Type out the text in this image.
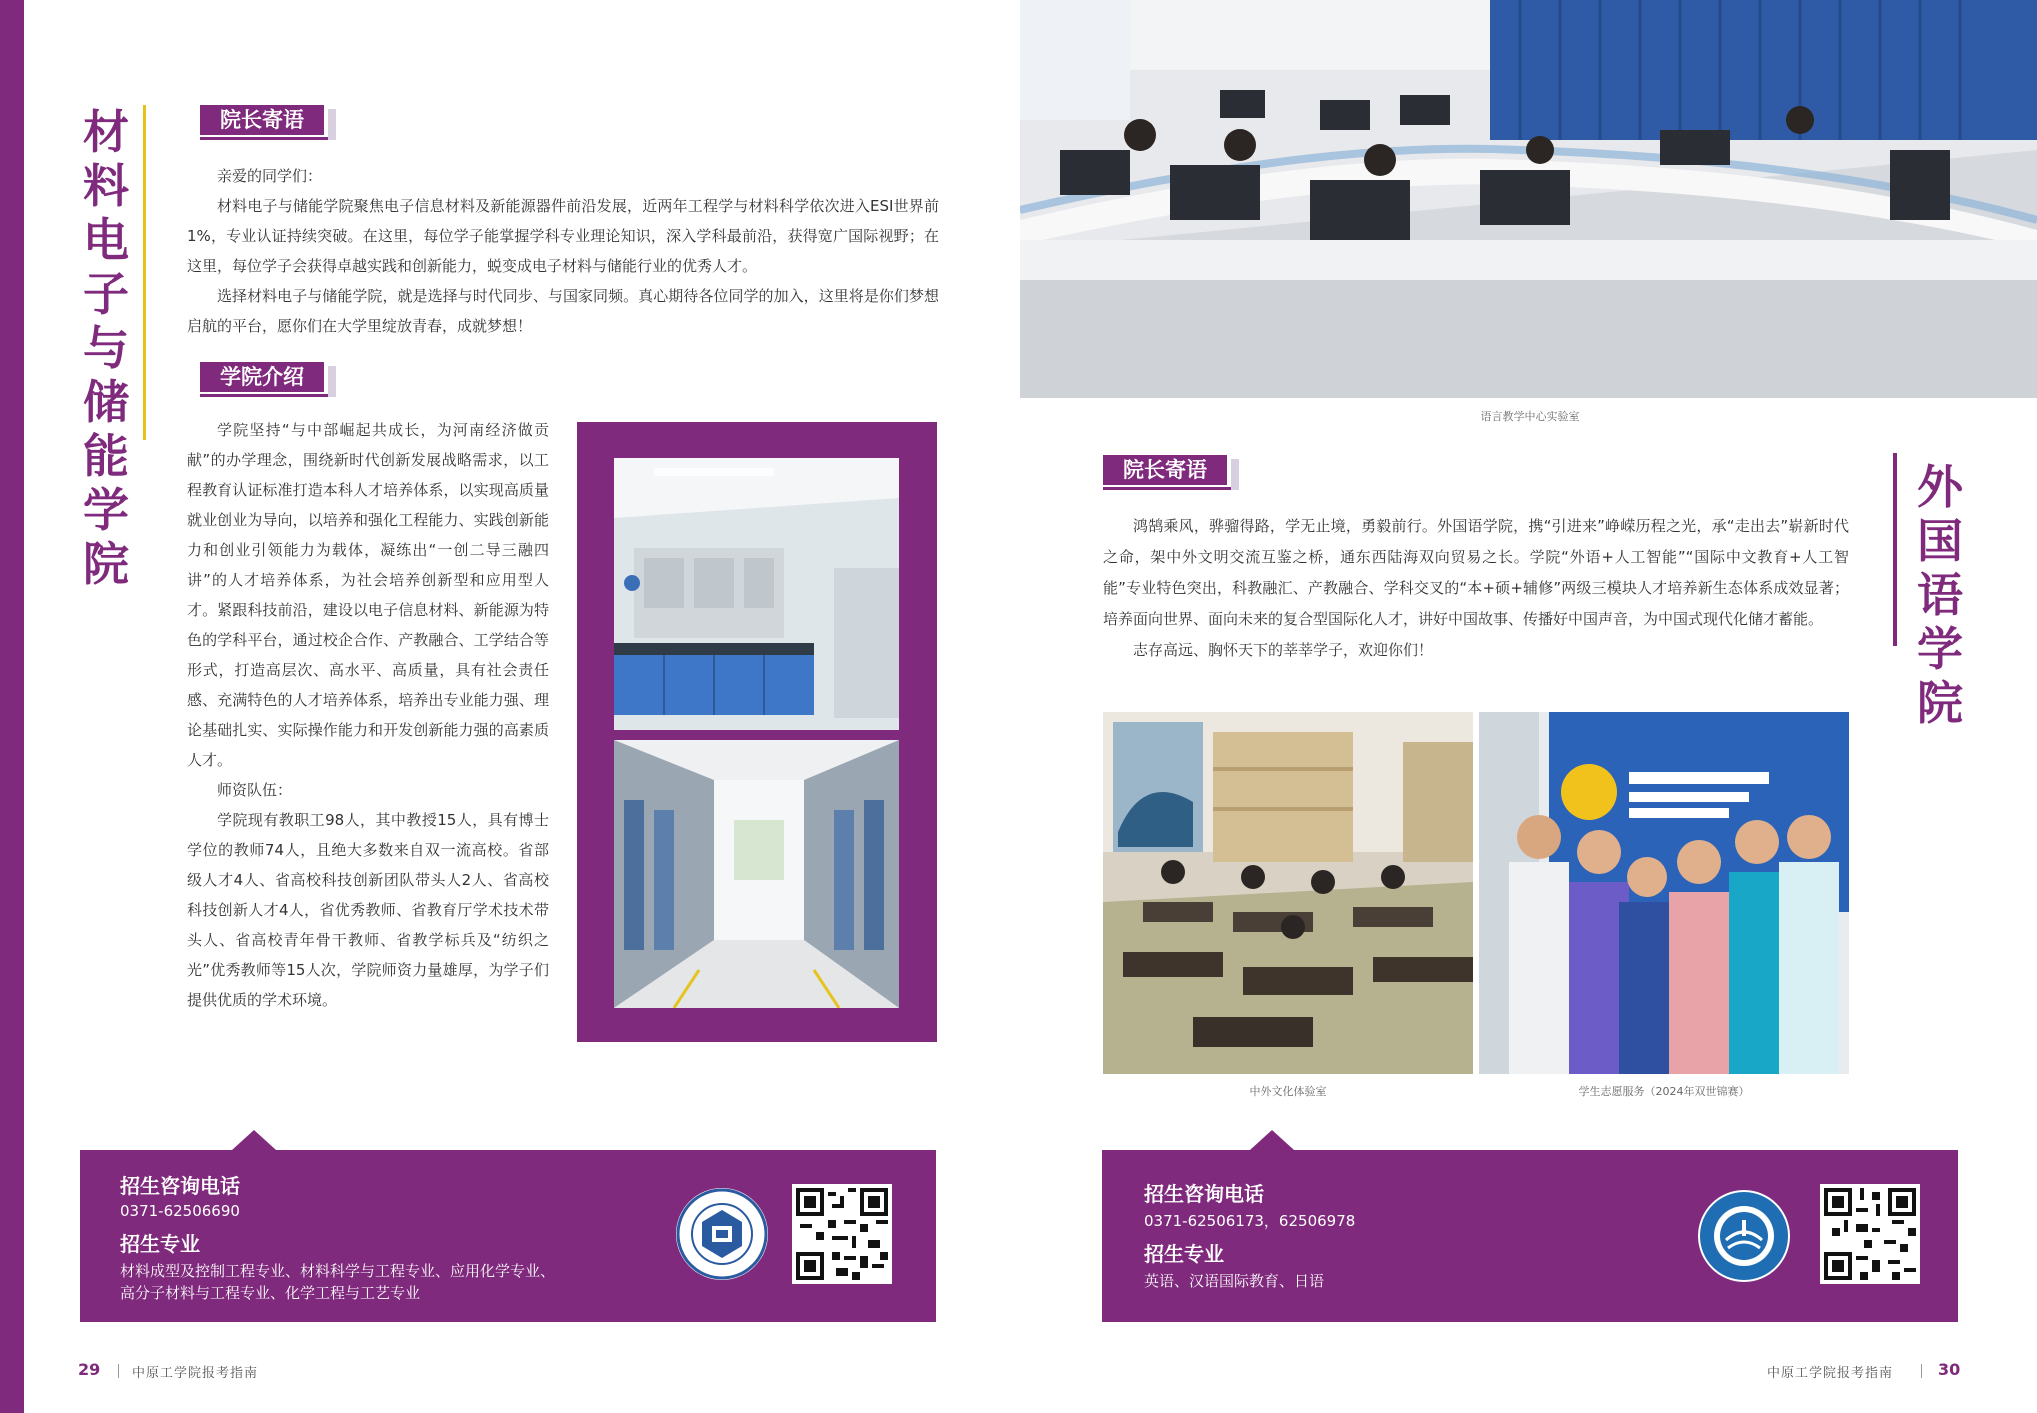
材料电子与储能学院
院长寄语

亲爱的同学们：

材料电子与储能学院聚焦电子信息材料及新能源器件前沿发展，近两年工程学与材料科学依次进入ESI世界前1%，专业认证持续突破。在这里，每位学子能掌握学科专业理论知识，深入学科最前沿，获得宽广国际视野；在这里，每位学子会获得卓越实践和创新能力，蜕变成电子材料与储能行业的优秀人才。

选择材料电子与储能学院，就是选择与时代同步、与国家同频。真心期待各位同学的加入，这里将是你们梦想启航的平台，愿你们在大学里绽放青春，成就梦想！

学院介绍

学院坚持“与中部崛起共成长，为河南经济做贡献”的办学理念，围绕新时代创新发展战略需求，以工程教育认证标准打造本科人才培养体系，以实现高质量就业创业为导向，以培养和强化工程能力、实践创新能力和创业引领能力为载体，凝练出“一创二导三融四讲”的人才培养体系，为社会培养创新型和应用型人才。紧跟科技前沿，建设以电子信息材料、新能源为特色的学科平台，通过校企合作、产教融合、工学结合等形式，打造高层次、高水平、高质量，具有社会责任感、充满特色的人才培养体系，培养出专业能力强、理论基础扎实、实际操作能力和开发创新能力强的高素质人才。

师资队伍：

学院现有教职工98人，其中教授15人，具有博士学位的教师74人，且绝大多数来自双一流高校。省部级人才4人、省高校科技创新团队带头人2人、省高校科技创新人才4人，省优秀教师、省教育厅学术技术带头人、省高校青年骨干教师、省教学标兵及“纺织之光”优秀教师等15人次，学院师资力量雄厚，为学子们提供优质的学术环境。

招生咨询电话
0371-62506690
招生专业
材料成型及控制工程专业、材料科学与工程专业、应用化学专业、
高分子材料与工程专业、化学工程与工艺专业
29 中原工学院报考指南
语言教学中心实验室
外国语学院
院长寄语

鸿鹄乘风，骅骝得路，学无止境，勇毅前行。外国语学院，携“引进来”峥嵘历程之光，承“走出去”崭新时代之命，架中外文明交流互鉴之桥，通东西陆海双向贸易之长。学院“外语+人工智能”“国际中文教育+人工智能”专业特色突出，科教融汇、产教融合、学科交叉的“本+硕+辅修”两级三模块人才培养新生态体系成效显著；培养面向世界、面向未来的复合型国际化人才，讲好中国故事、传播好中国声音，为中国式现代化储才蓄能。

志存高远、胸怀天下的莘莘学子，欢迎你们！

中外文化体验室	学生志愿服务（2024年双世锦赛）
招生咨询电话
0371-62506173，62506978
招生专业
英语、汉语国际教育、日语
中原工学院报考指南	30
